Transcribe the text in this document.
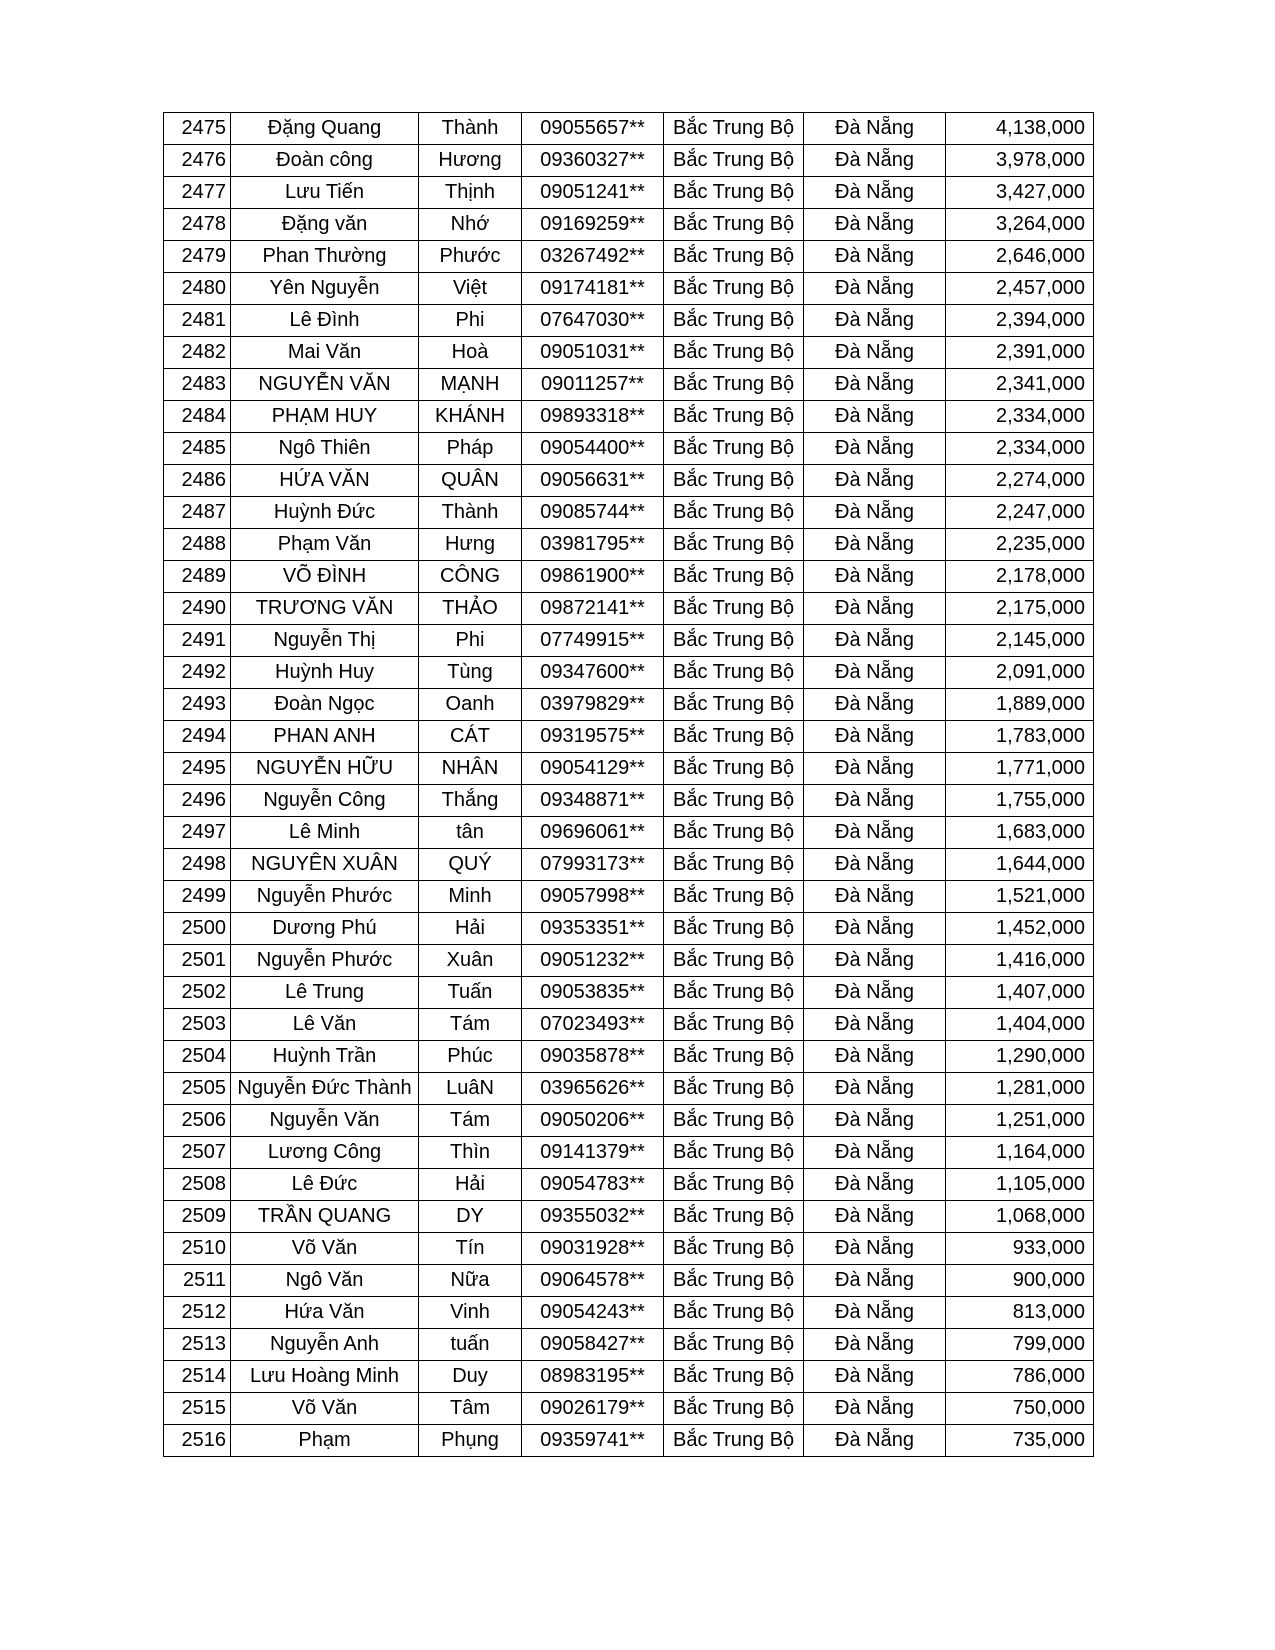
2475	Đặng Quang	Thành	09055657**	Bắc Trung Bộ	Đà Nẵng	4,138,000
2476	Đoàn công	Hương	09360327**	Bắc Trung Bộ	Đà Nẵng	3,978,000
2477	Lưu Tiến	Thịnh	09051241**	Bắc Trung Bộ	Đà Nẵng	3,427,000
2478	Đặng văn	Nhớ	09169259**	Bắc Trung Bộ	Đà Nẵng	3,264,000
2479	Phan Thường	Phước	03267492**	Bắc Trung Bộ	Đà Nẵng	2,646,000
2480	Yên Nguyễn	Việt	09174181**	Bắc Trung Bộ	Đà Nẵng	2,457,000
2481	Lê Đình	Phi	07647030**	Bắc Trung Bộ	Đà Nẵng	2,394,000
2482	Mai Văn	Hoà	09051031**	Bắc Trung Bộ	Đà Nẵng	2,391,000
2483	NGUYỄN VĂN	MẠNH	09011257**	Bắc Trung Bộ	Đà Nẵng	2,341,000
2484	PHẠM HUY	KHÁNH	09893318**	Bắc Trung Bộ	Đà Nẵng	2,334,000
2485	Ngô Thiên	Pháp	09054400**	Bắc Trung Bộ	Đà Nẵng	2,334,000
2486	HỨA VĂN	QUÂN	09056631**	Bắc Trung Bộ	Đà Nẵng	2,274,000
2487	Huỳnh Đức	Thành	09085744**	Bắc Trung Bộ	Đà Nẵng	2,247,000
2488	Phạm Văn	Hưng	03981795**	Bắc Trung Bộ	Đà Nẵng	2,235,000
2489	VÕ ĐÌNH	CÔNG	09861900**	Bắc Trung Bộ	Đà Nẵng	2,178,000
2490	TRƯƠNG VĂN	THẢO	09872141**	Bắc Trung Bộ	Đà Nẵng	2,175,000
2491	Nguyễn Thị	Phi	07749915**	Bắc Trung Bộ	Đà Nẵng	2,145,000
2492	Huỳnh Huy	Tùng	09347600**	Bắc Trung Bộ	Đà Nẵng	2,091,000
2493	Đoàn Ngọc	Oanh	03979829**	Bắc Trung Bộ	Đà Nẵng	1,889,000
2494	PHAN ANH	CÁT	09319575**	Bắc Trung Bộ	Đà Nẵng	1,783,000
2495	NGUYỄN HỮU	NHÂN	09054129**	Bắc Trung Bộ	Đà Nẵng	1,771,000
2496	Nguyễn Công	Thắng	09348871**	Bắc Trung Bộ	Đà Nẵng	1,755,000
2497	Lê Minh	tân	09696061**	Bắc Trung Bộ	Đà Nẵng	1,683,000
2498	NGUYÊN XUÂN	QUÝ	07993173**	Bắc Trung Bộ	Đà Nẵng	1,644,000
2499	Nguyễn Phước	Minh	09057998**	Bắc Trung Bộ	Đà Nẵng	1,521,000
2500	Dương Phú	Hải	09353351**	Bắc Trung Bộ	Đà Nẵng	1,452,000
2501	Nguyễn Phước	Xuân	09051232**	Bắc Trung Bộ	Đà Nẵng	1,416,000
2502	Lê Trung	Tuấn	09053835**	Bắc Trung Bộ	Đà Nẵng	1,407,000
2503	Lê Văn	Tám	07023493**	Bắc Trung Bộ	Đà Nẵng	1,404,000
2504	Huỳnh Trần	Phúc	09035878**	Bắc Trung Bộ	Đà Nẵng	1,290,000
2505	Nguyễn Đức Thành	LuâN	03965626**	Bắc Trung Bộ	Đà Nẵng	1,281,000
2506	Nguyễn Văn	Tám	09050206**	Bắc Trung Bộ	Đà Nẵng	1,251,000
2507	Lương Công	Thìn	09141379**	Bắc Trung Bộ	Đà Nẵng	1,164,000
2508	Lê Đức	Hải	09054783**	Bắc Trung Bộ	Đà Nẵng	1,105,000
2509	TRẦN QUANG	DY	09355032**	Bắc Trung Bộ	Đà Nẵng	1,068,000
2510	Võ Văn	Tín	09031928**	Bắc Trung Bộ	Đà Nẵng	933,000
2511	Ngô Văn	Nữa	09064578**	Bắc Trung Bộ	Đà Nẵng	900,000
2512	Hứa Văn	Vinh	09054243**	Bắc Trung Bộ	Đà Nẵng	813,000
2513	Nguyễn Anh	tuấn	09058427**	Bắc Trung Bộ	Đà Nẵng	799,000
2514	Lưu Hoàng Minh	Duy	08983195**	Bắc Trung Bộ	Đà Nẵng	786,000
2515	Võ Văn	Tâm	09026179**	Bắc Trung Bộ	Đà Nẵng	750,000
2516	Phạm	Phụng	09359741**	Bắc Trung Bộ	Đà Nẵng	735,000
